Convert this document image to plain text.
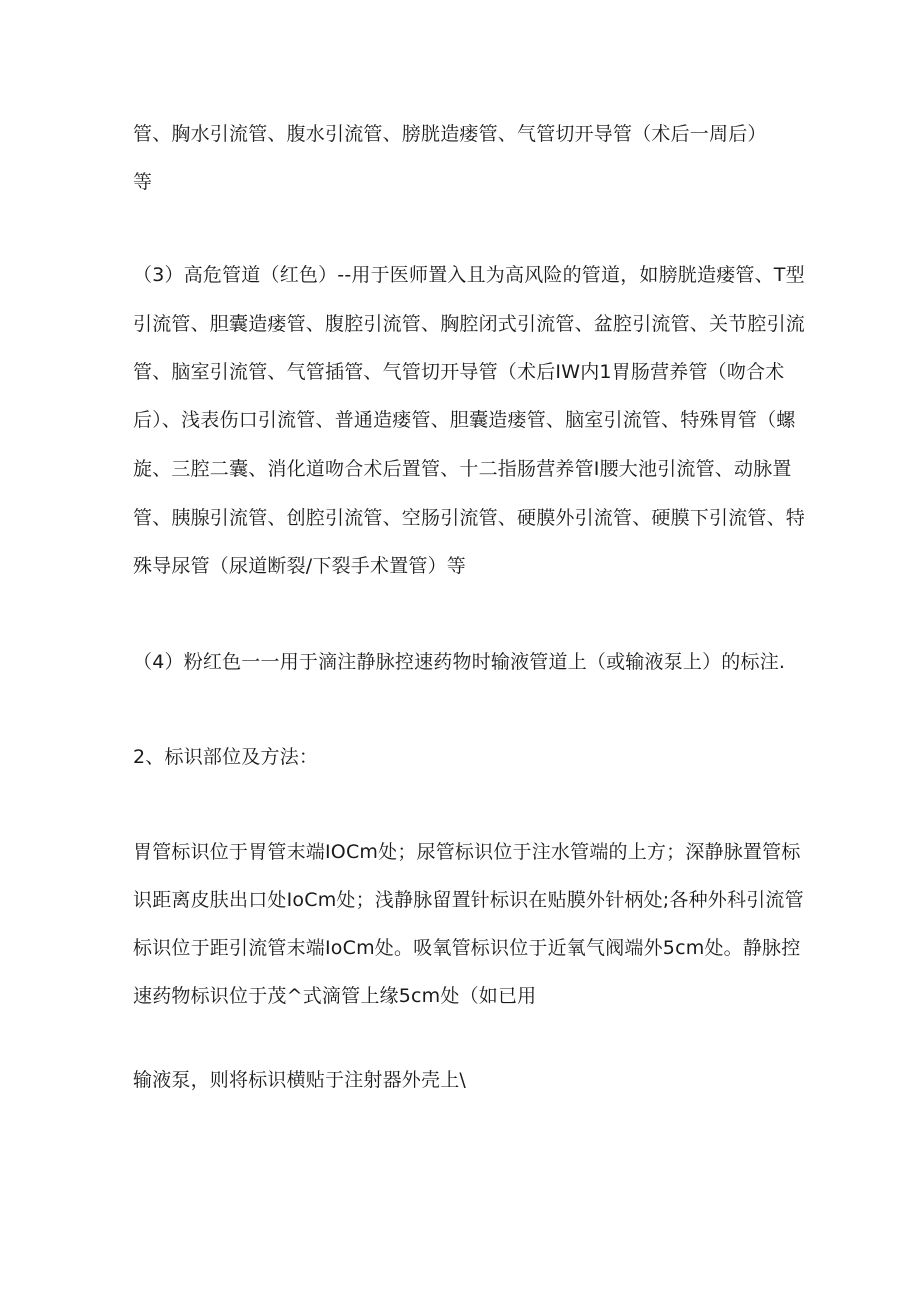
管、胸水引流管、腹水引流管、膀胱造瘘管、气管切开导管（术后一周后）
等
（3）高危管道（红色）--用于医师置入且为高风险的管道，如膀胱造瘘管、T型
引流管、胆囊造瘘管、腹腔引流管、胸腔闭式引流管、盆腔引流管、关节腔引流
管、脑室引流管、气管插管、气管切开导管（术后IW内1胃肠营养管（吻合术
后）、浅表伤口引流管、普通造瘘管、胆囊造瘘管、脑室引流管、特殊胃管（螺
旋、三腔二囊、消化道吻合术后置管、十二指肠营养管I腰大池引流管、动脉置
管、胰腺引流管、创腔引流管、空肠引流管、硬膜外引流管、硬膜下引流管、特
殊导尿管（尿道断裂/下裂手术置管）等
（4）粉红色一一用于滴注静脉控速药物时输液管道上（或输液泵上）的标注.
2、标识部位及方法：
胃管标识位于胃管末端IOCm处；尿管标识位于注水管端的上方；深静脉置管标
识距离皮肤出口处IoCm处；浅静脉留置针标识在贴膜外针柄处;各种外科引流管
标识位于距引流管末端IoCm处。吸氧管标识位于近氧气阀端外5cm处。静脉控
速药物标识位于茂^式滴管上缘5cm处（如已用
输液泵，则将标识横贴于注射器外壳上\
